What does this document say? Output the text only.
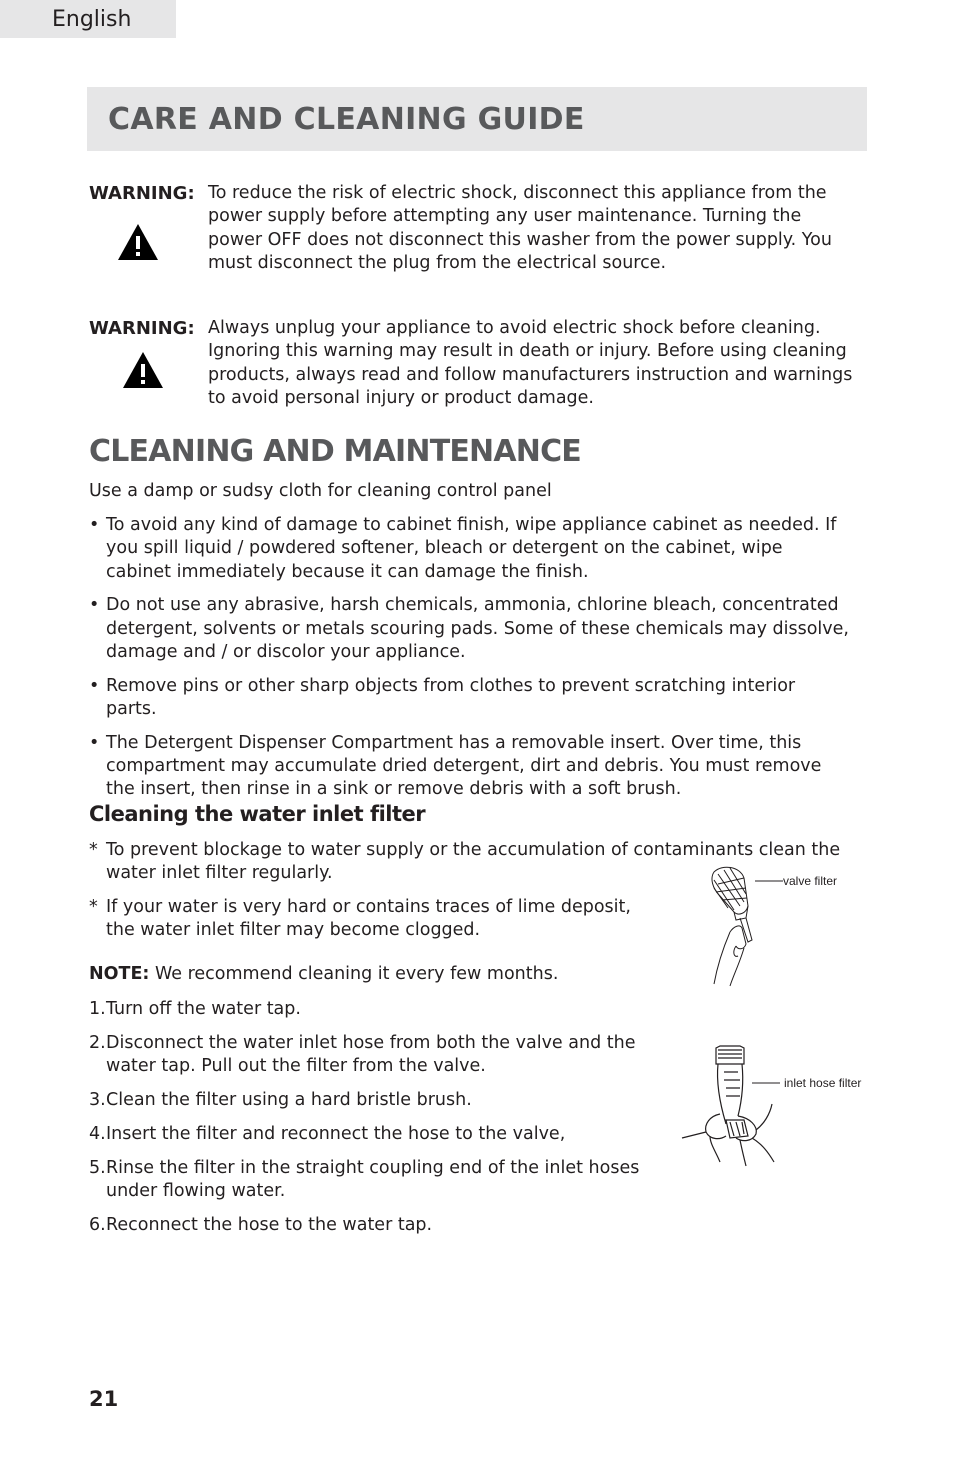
English
CARE AND CLEANING GUIDE
WARNING: To reduce the risk of electric shock, disconnect this appliance from the power supply before attempting any user maintenance. Turning the power OFF does not disconnect this washer from the power supply. You must disconnect the plug from the electrical source.
WARNING: Always unplug your appliance to avoid electric shock before cleaning. Ignoring this warning may result in death or injury. Before using cleaning products, always read and follow manufacturers instruction and warnings to avoid personal injury or product damage.
CLEANING AND MAINTENANCE
Use a damp or sudsy cloth for cleaning control panel
• To avoid any kind of damage to cabinet finish, wipe appliance cabinet as needed. If you spill liquid / powdered softener, bleach or detergent on the cabinet, wipe cabinet immediately because it can damage the finish.
• Do not use any abrasive, harsh chemicals, ammonia, chlorine bleach, concentrated detergent, solvents or metals scouring pads. Some of these chemicals may dissolve, damage and / or discolor your appliance.
• Remove pins or other sharp objects from clothes to prevent scratching interior parts.
• The Detergent Dispenser Compartment has a removable insert. Over time, this compartment may accumulate dried detergent, dirt and debris. You must remove the insert, then rinse in a sink or remove debris with a soft brush.
Cleaning the water inlet filter
* To prevent blockage to water supply or the accumulation of contaminants clean the water inlet filter regularly.
* If your water is very hard or contains traces of lime deposit, the water inlet filter may become clogged.
NOTE: We recommend cleaning it every few months.
1. Turn off the water tap.
2. Disconnect the water inlet hose from both the valve and the water tap. Pull out the filter from the valve.
3. Clean the filter using a hard bristle brush.
4. Insert the filter and reconnect the hose to the valve,
5. Rinse the filter in the straight coupling end of the inlet hoses under flowing water.
6. Reconnect the hose to the water tap.
valve filter
inlet hose filter
21
